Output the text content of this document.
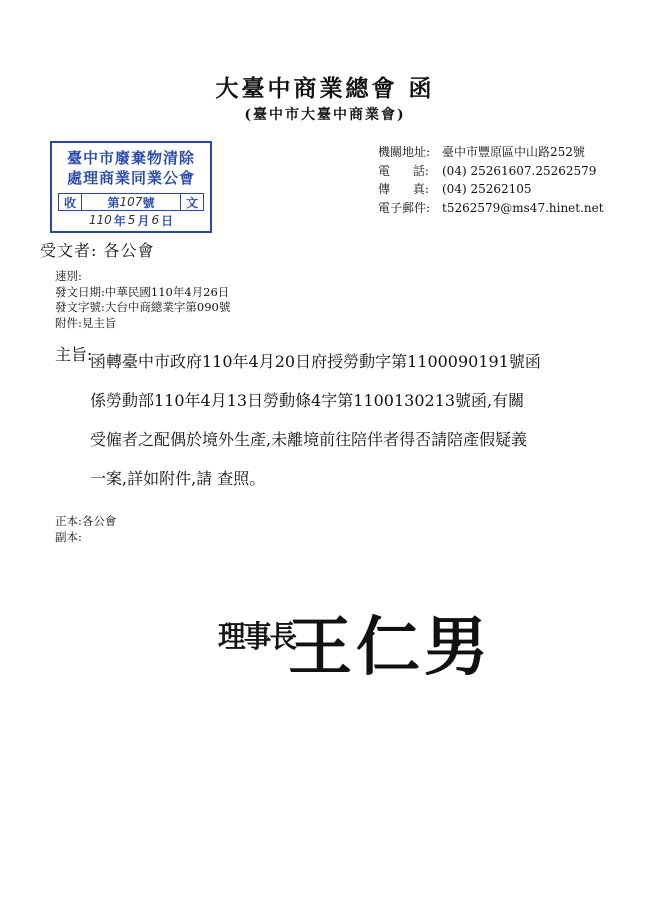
大臺中商業總會 函
(臺中市大臺中商業會)
臺中市廢棄物清除
處理商業同業公會
收	第 107 號	文
110 年 5 月 6 日
機關地址: 臺中市豐原區中山路252號
電      話:	(04) 25261607.25262579
傳      真:	(04) 25262105
電子郵件: t5262579@ms47.hinet.net
受文者: 各公會
速別:
發文日期: 中華民國110年4月26日
發文字號: 大台中商總業字第090號
附件: 見主旨
主旨:
函轉臺中市政府110年4月20日府授勞動字第1100090191號函
係勞動部110年4月13日勞動條4字第1100130213號函,有關
受僱者之配偶於境外生產,未離境前往陪伴者得否請陪產假疑義
一案,詳如附件,請 查照。
正本: 各公會
副本:
理事長
王仁男
